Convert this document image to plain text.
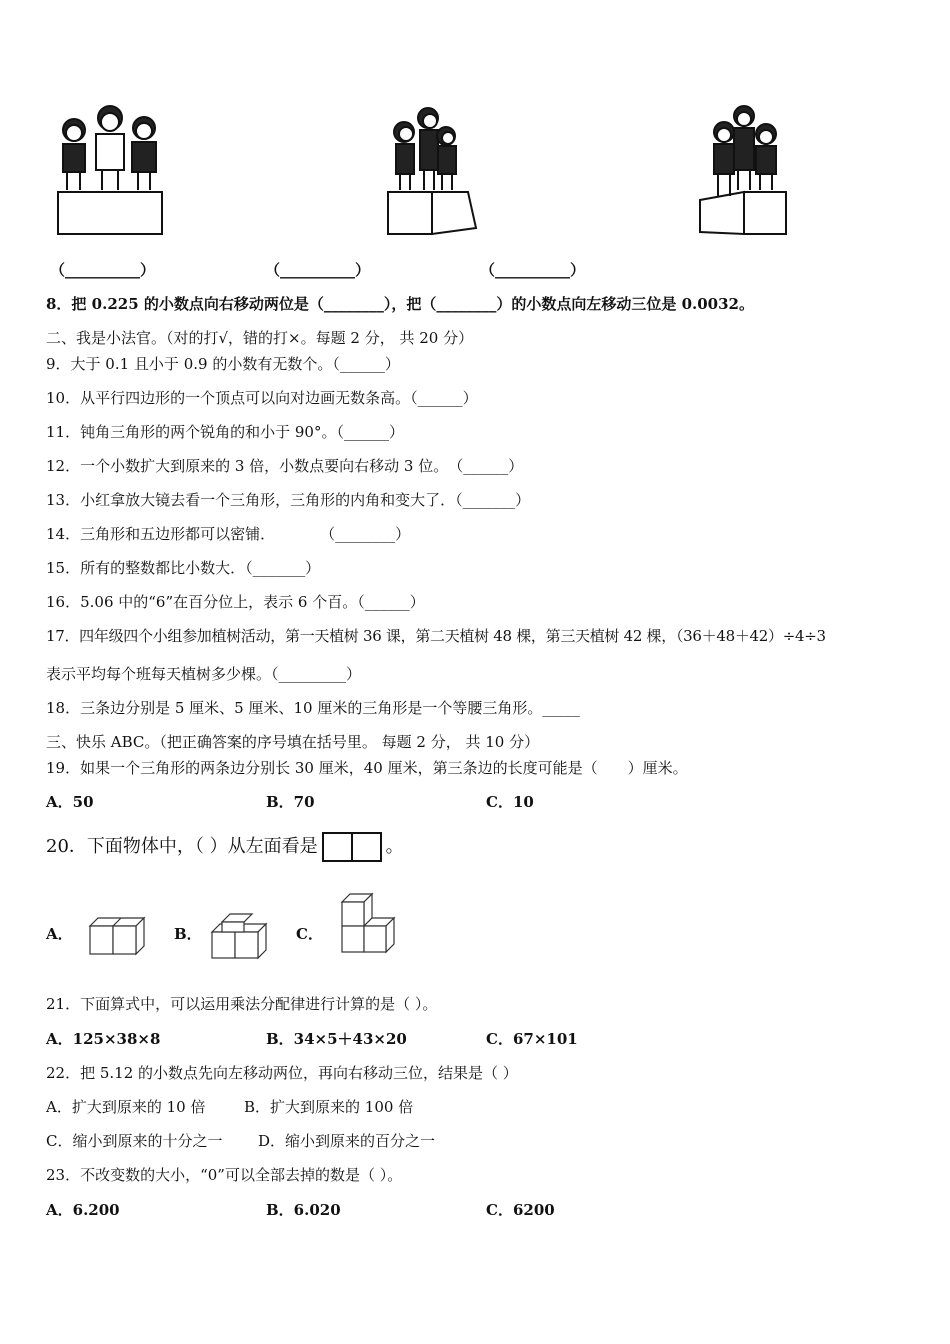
（__________）	（__________）	（__________）
8．把 0.225 的小数点向右移动两位是（________），把（________）的小数点向左移动三位是 0.0032。
二、我是小法官。（对的打√，错的打×。每题 2 分， 共 20 分）
9．大于 0.1 且小于 0.9 的小数有无数个。（______）
10．从平行四边形的一个顶点可以向对边画无数条高。（______）
11．钝角三角形的两个锐角的和小于 90°。（______）
12．一个小数扩大到原来的 3 倍，小数点要向右移动 3 位。　（______）
13．小红拿放大镜去看一个三角形，三角形的内角和变大了．（_______）
14．三角形和五边形都可以密铺．　　　　（________）
15．所有的整数都比小数大．（_______）
16．5.06 中的“6”在百分位上，表示 6 个百。（______）
17．四年级四个小组参加植树活动，第一天植树 36 课，第二天植树 48 棵，第三天植树 42 棵，（36＋48＋42）÷4÷3
表示平均每个班每天植树多少棵。（_________）
18．三条边分别是 5 厘米、5 厘米、10 厘米的三角形是一个等腰三角形。_____
三、快乐 ABC。（把正确答案的序号填在括号里。 每题 2 分， 共 10 分）
19．如果一个三角形的两条边分别长 30 厘米，40 厘米，第三条边的长度可能是（　　）厘米。
A．50	B．70	C．10
20．下面物体中，（ ）从左面看是	。
A．	B．	C．
21．下面算式中，可以运用乘法分配律进行计算的是（ ）。
A．125×38×8	B．34×5＋43×20	C．67×101
22．把 5.12 的小数点先向左移动两位，再向右移动三位，结果是（ ）
A．扩大到原来的 10 倍	B．扩大到原来的 100 倍
C．缩小到原来的十分之一 D．缩小到原来的百分之一
23．不改变数的大小，“0”可以全部去掉的数是（ ）。
A．6.200	B．6.020	C．6200
